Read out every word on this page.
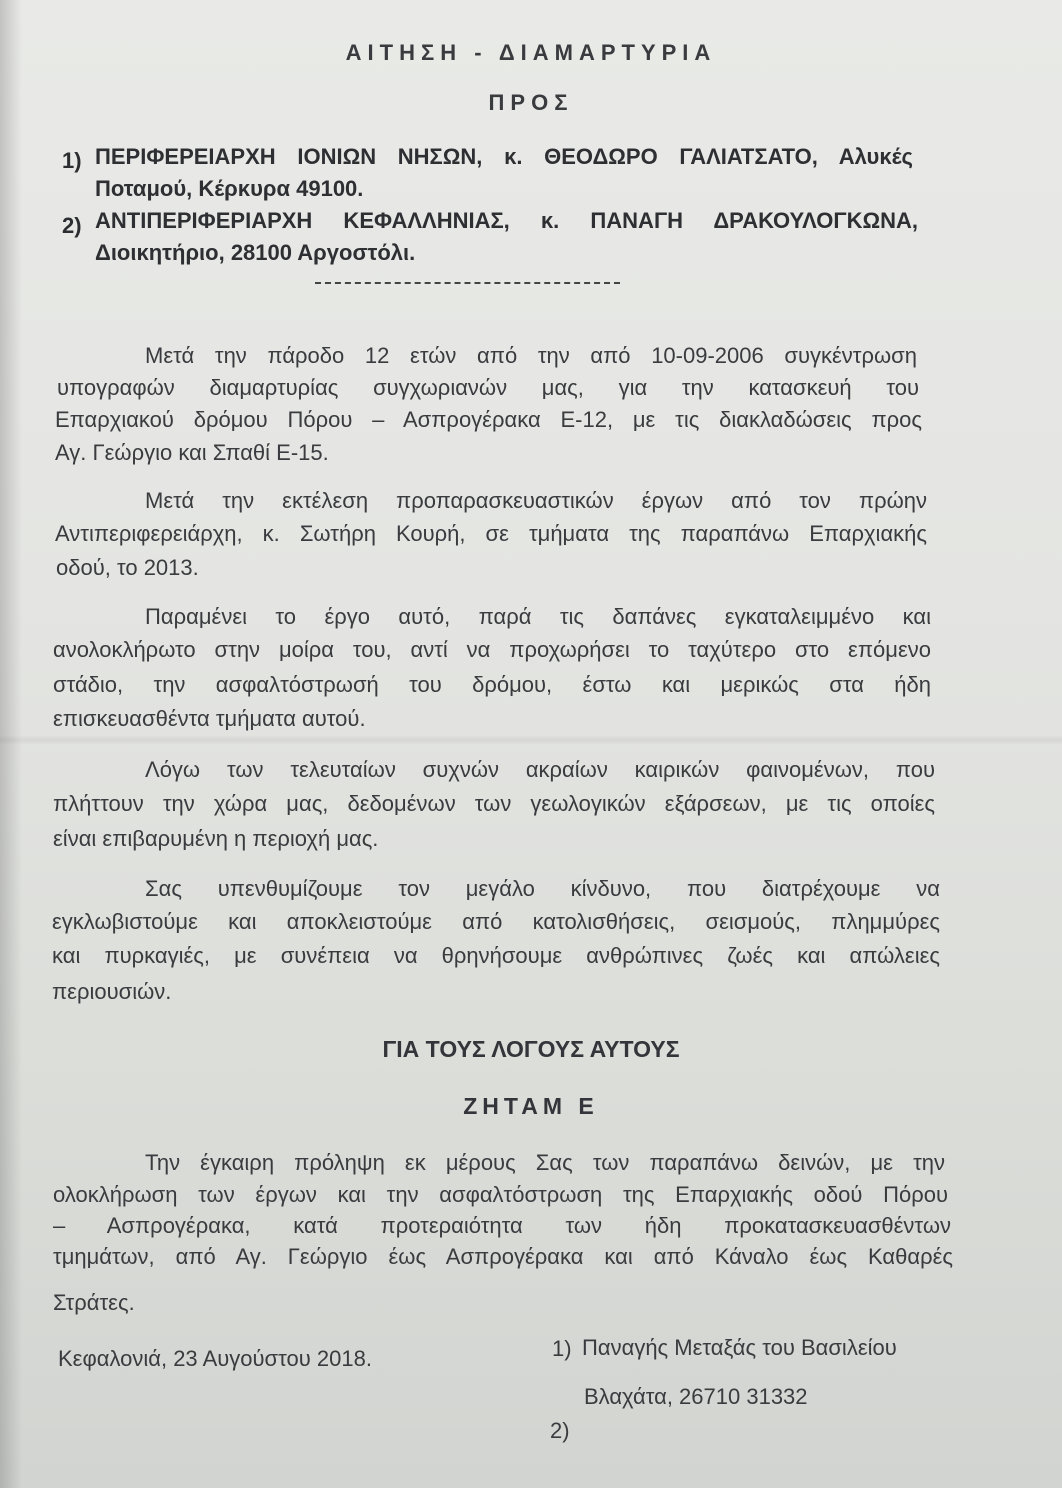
ΑΙΤΗΣΗ - ΔΙΑΜΑΡΤΥΡΙΑ

ΠΡΟΣ

1) ΠΕΡΙΦΕΡΕΙΑΡΧΗ ΙΟΝΙΩΝ ΝΗΣΩΝ, κ. ΘΕΟΔΩΡΟ ΓΑΛΙΑΤΣΑΤΟ, Αλυκές

Ποταμού, Κέρκυρα 49100.

2) ΑΝΤΙΠΕΡΙΦΕΡΙΑΡΧΗ ΚΕΦΑΛΛΗΝΙΑΣ, κ. ΠΑΝΑΓΗ ΔΡΑΚΟΥΛΟΓΚΩΝΑ,

Διοικητήριο, 28100 Αργοστόλι.

Μετά την πάροδο 12 ετών από την από 10-09-2006 συγκέντρωση

υπογραφών διαμαρτυρίας συγχωριανών μας, για την κατασκευή του

Επαρχιακού δρόμου Πόρου – Ασπρογέρακα Ε-12, με τις διακλαδώσεις προς

Αγ. Γεώργιο και Σπαθί Ε-15.

Μετά την εκτέλεση προπαρασκευαστικών έργων από τον πρώην

Αντιπεριφερειάρχη, κ. Σωτήρη Κουρή, σε τμήματα της παραπάνω Επαρχιακής

οδού, το 2013.

Παραμένει το έργο αυτό, παρά τις δαπάνες εγκαταλειμμένο και

ανολοκλήρωτο στην μοίρα του, αντί να προχωρήσει το ταχύτερο στο επόμενο

στάδιο, την ασφαλτόστρωσή του δρόμου, έστω και μερικώς στα ήδη

επισκευασθέντα τμήματα αυτού.

Λόγω των τελευταίων συχνών ακραίων καιρικών φαινομένων, που

πλήττουν την χώρα μας, δεδομένων των γεωλογικών εξάρσεων, με τις οποίες

είναι επιβαρυμένη η περιοχή μας.

Σας υπενθυμίζουμε τον μεγάλο κίνδυνο, που διατρέχουμε να

εγκλωβιστούμε και αποκλειστούμε από κατολισθήσεις, σεισμούς, πλημμύρες

και πυρκαγιές, με συνέπεια να θρηνήσουμε ανθρώπινες ζωές και απώλειες

περιουσιών.

ΓΙΑ ΤΟΥΣ ΛΟΓΟΥΣ ΑΥΤΟΥΣ

ΖΗΤΑΜ Ε

Την έγκαιρη πρόληψη εκ μέρους Σας των παραπάνω δεινών, με την

ολοκλήρωση των έργων και την ασφαλτόστρωση της Επαρχιακής οδού Πόρου

– Ασπρογέρακα, κατά προτεραιότητα των ήδη προκατασκευασθέντων

τμημάτων, από Αγ. Γεώργιο έως Ασπρογέρακα και από Κάναλο έως Καθαρές

Στράτες.

Κεφαλονιά, 23 Αυγούστου 2018.	1) Παναγής Μεταξάς του Βασιλείου
Βλαχάτα, 26710 31332
2)
